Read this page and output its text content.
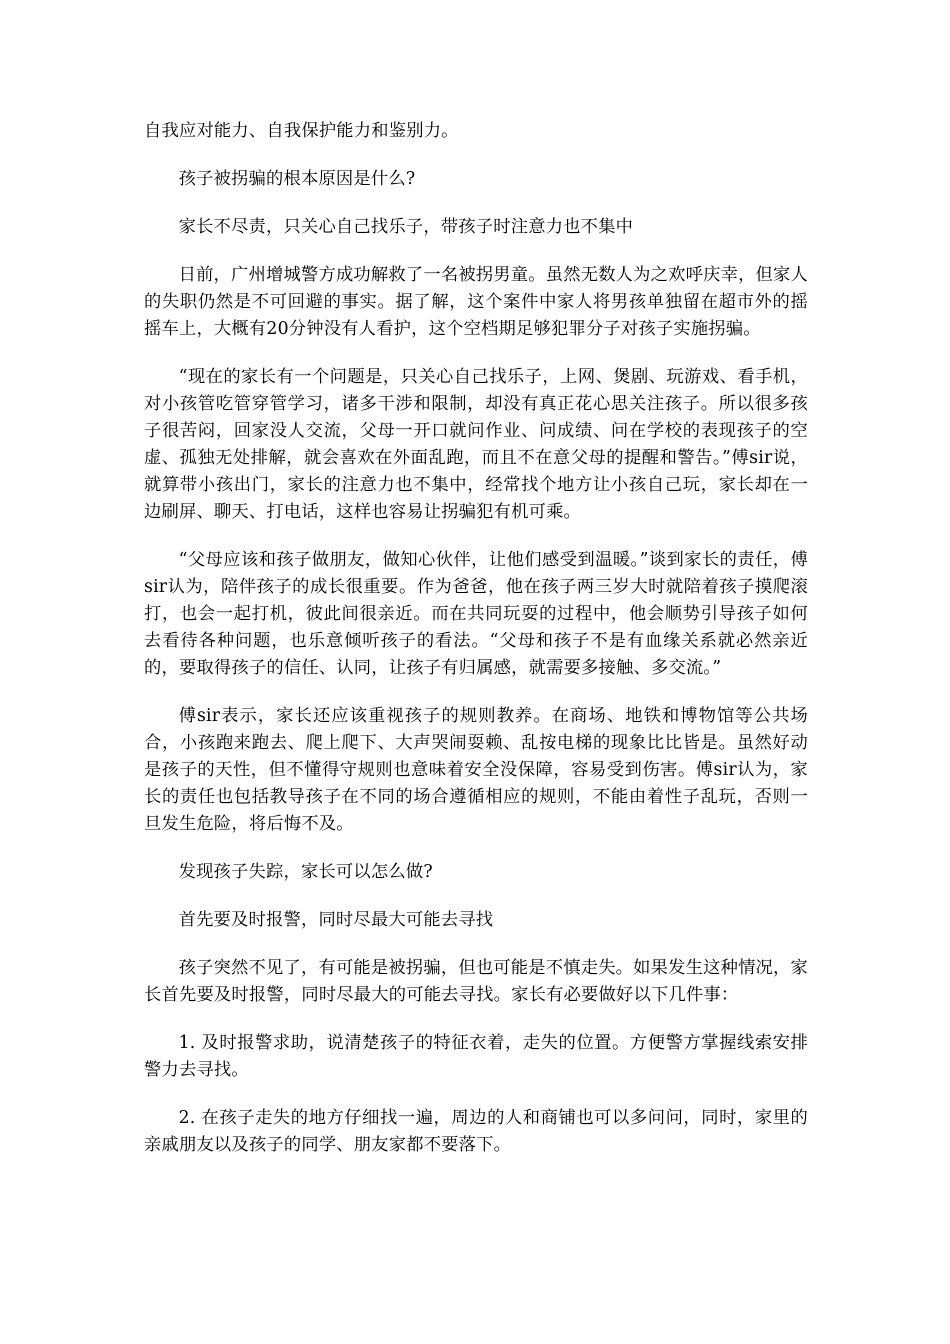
自我应对能力、自我保护能力和鉴别力。

孩子被拐骗的根本原因是什么?

家长不尽责，只关心自己找乐子，带孩子时注意力也不集中

日前，广州增城警方成功解救了一名被拐男童。虽然无数人为之欢呼庆幸，但家人的失职仍然是不可回避的事实。据了解，这个案件中家人将男孩单独留在超市外的摇摇车上，大概有20分钟没有人看护，这个空档期足够犯罪分子对孩子实施拐骗。

“现在的家长有一个问题是，只关心自己找乐子，上网、煲剧、玩游戏、看手机，对小孩管吃管穿管学习，诸多干涉和限制，却没有真正花心思关注孩子。所以很多孩子很苦闷，回家没人交流，父母一开口就问作业、问成绩、问在学校的表现孩子的空虚、孤独无处排解，就会喜欢在外面乱跑，而且不在意父母的提醒和警告。”傅sir说，就算带小孩出门，家长的注意力也不集中，经常找个地方让小孩自己玩，家长却在一边刷屏、聊天、打电话，这样也容易让拐骗犯有机可乘。

“父母应该和孩子做朋友，做知心伙伴，让他们感受到温暖。”谈到家长的责任，傅sir认为，陪伴孩子的成长很重要。作为爸爸，他在孩子两三岁大时就陪着孩子摸爬滚打，也会一起打机，彼此间很亲近。而在共同玩耍的过程中，他会顺势引导孩子如何去看待各种问题，也乐意倾听孩子的看法。“父母和孩子不是有血缘关系就必然亲近的，要取得孩子的信任、认同，让孩子有归属感，就需要多接触、多交流。”

傅sir表示，家长还应该重视孩子的规则教养。在商场、地铁和博物馆等公共场合，小孩跑来跑去、爬上爬下、大声哭闹耍赖、乱按电梯的现象比比皆是。虽然好动是孩子的天性，但不懂得守规则也意味着安全没保障，容易受到伤害。傅sir认为，家长的责任也包括教导孩子在不同的场合遵循相应的规则，不能由着性子乱玩，否则一旦发生危险，将后悔不及。

发现孩子失踪，家长可以怎么做?

首先要及时报警，同时尽最大可能去寻找

孩子突然不见了，有可能是被拐骗，但也可能是不慎走失。如果发生这种情况，家长首先要及时报警，同时尽最大的可能去寻找。家长有必要做好以下几件事：

1. 及时报警求助，说清楚孩子的特征衣着，走失的位置。方便警方掌握线索安排警力去寻找。

2. 在孩子走失的地方仔细找一遍，周边的人和商铺也可以多问问，同时，家里的亲戚朋友以及孩子的同学、朋友家都不要落下。
